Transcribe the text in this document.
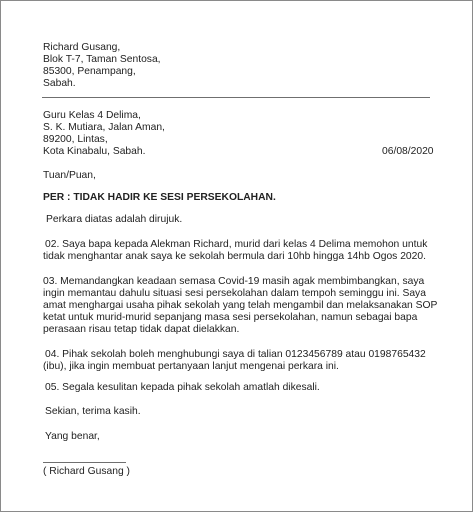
Richard Gusang,
Blok T-7, Taman Sentosa,
85300, Penampang,
Sabah.
Guru Kelas 4 Delima,
S. K. Mutiara, Jalan Aman,
89200, Lintas,
Kota Kinabalu, Sabah.	06/08/2020
Tuan/Puan,
PER : TIDAK HADIR KE SESI PERSEKOLAHAN.
Perkara diatas adalah dirujuk.
02. Saya bapa kepada Alekman Richard, murid dari kelas 4 Delima memohon untuk
tidak menghantar anak saya ke sekolah bermula dari 10hb hingga 14hb Ogos 2020.
03. Memandangkan keadaan semasa Covid-19 masih agak membimbangkan, saya
ingin memantau dahulu situasi sesi persekolahan dalam tempoh seminggu ini. Saya
amat menghargai usaha pihak sekolah yang telah mengambil dan melaksanakan SOP
ketat untuk murid-murid sepanjang masa sesi persekolahan, namun sebagai bapa
perasaan risau tetap tidak dapat dielakkan.
04. Pihak sekolah boleh menghubungi saya di talian 0123456789 atau 0198765432
(ibu), jika ingin membuat pertanyaan lanjut mengenai perkara ini.
05. Segala kesulitan kepada pihak sekolah amatlah dikesali.
Sekian, terima kasih.
Yang benar,
( Richard Gusang )
